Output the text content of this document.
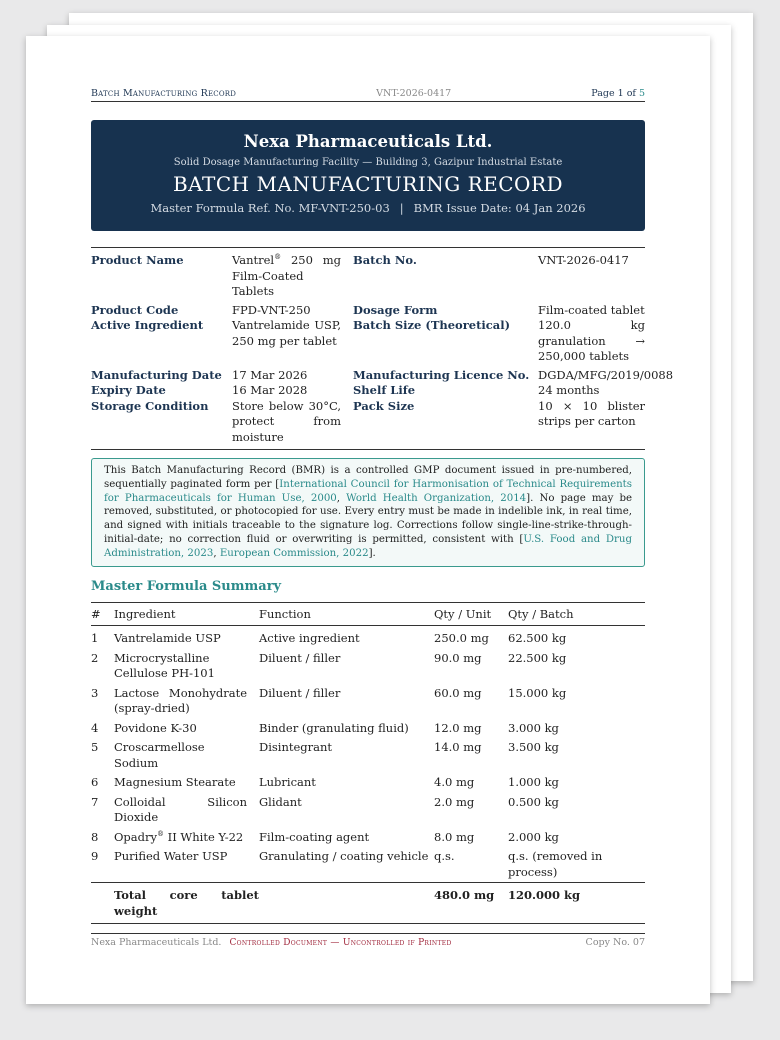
Batch Manufacturing Record	VNT-2026-0417	Page 1 of 5
Nexa Pharmaceuticals Ltd.
Solid Dosage Manufacturing Facility — Building 3, Gazipur Industrial Estate
BATCH MANUFACTURING RECORD
Master Formula Ref. No. MF-VNT-250-03 | BMR Issue Date: 04 Jan 2026
Product Name	Vantrel® 250 mg Film-Coated Tablets
Batch No.	VNT-2026-0417
Product Code	FPD-VNT-250	Dosage Form	Film-coated tablet
Active Ingredient	Vantrelamide USP, 250 mg per tablet
Batch Size (Theoretical)	120.0 kg granulation → 250,000 tablets
Manufacturing Date 17 Mar 2026	Manufacturing Licence No. DGDA/MFG/2019/0088
Expiry Date	16 Mar 2028	Shelf Life	24 months
Storage Condition	Store below 30°C, protect from moisture
Pack Size	10 × 10 blister strips per carton
This Batch Manufacturing Record (BMR) is a controlled GMP document issued in pre-numbered, sequentially paginated form per [International Council for Harmonisation of Technical Requirements for Pharmaceuticals for Human Use, 2000, World Health Organization, 2014]. No page may be removed, substituted, or photocopied for use. Every entry must be made in indelible ink, in real time, and signed with initials traceable to the signature log. Corrections follow single-line-strike-through-initial-date; no correction fluid or overwriting is permitted, consistent with [U.S. Food and Drug Administration, 2023, European Commission, 2022].
Master Formula Summary
#	Ingredient	Function	Qty / Unit	Qty / Batch
1	Vantrelamide USP	Active ingredient	250.0 mg	62.500 kg
2	Microcrystalline Cellulose PH-101	Diluent / filler	90.0 mg	22.500 kg
3	Lactose Monohydrate (spray-dried)	Diluent / filler	60.0 mg	15.000 kg
4	Povidone K-30	Binder (granulating fluid)	12.0 mg	3.000 kg
5	Croscarmellose Sodium	Disintegrant	14.0 mg	3.500 kg
6	Magnesium Stearate	Lubricant	4.0 mg	1.000 kg
7	Colloidal Silicon Dioxide	Glidant	2.0 mg	0.500 kg
8	Opadry® II White Y-22	Film-coating agent	8.0 mg	2.000 kg
9	Purified Water USP	Granulating / coating vehicle	q.s.	q.s. (removed in process)
	Total core tablet weight		480.0 mg	120.000 kg
Nexa Pharmaceuticals Ltd. Controlled Document — Uncontrolled if Printed	Copy No. 07
